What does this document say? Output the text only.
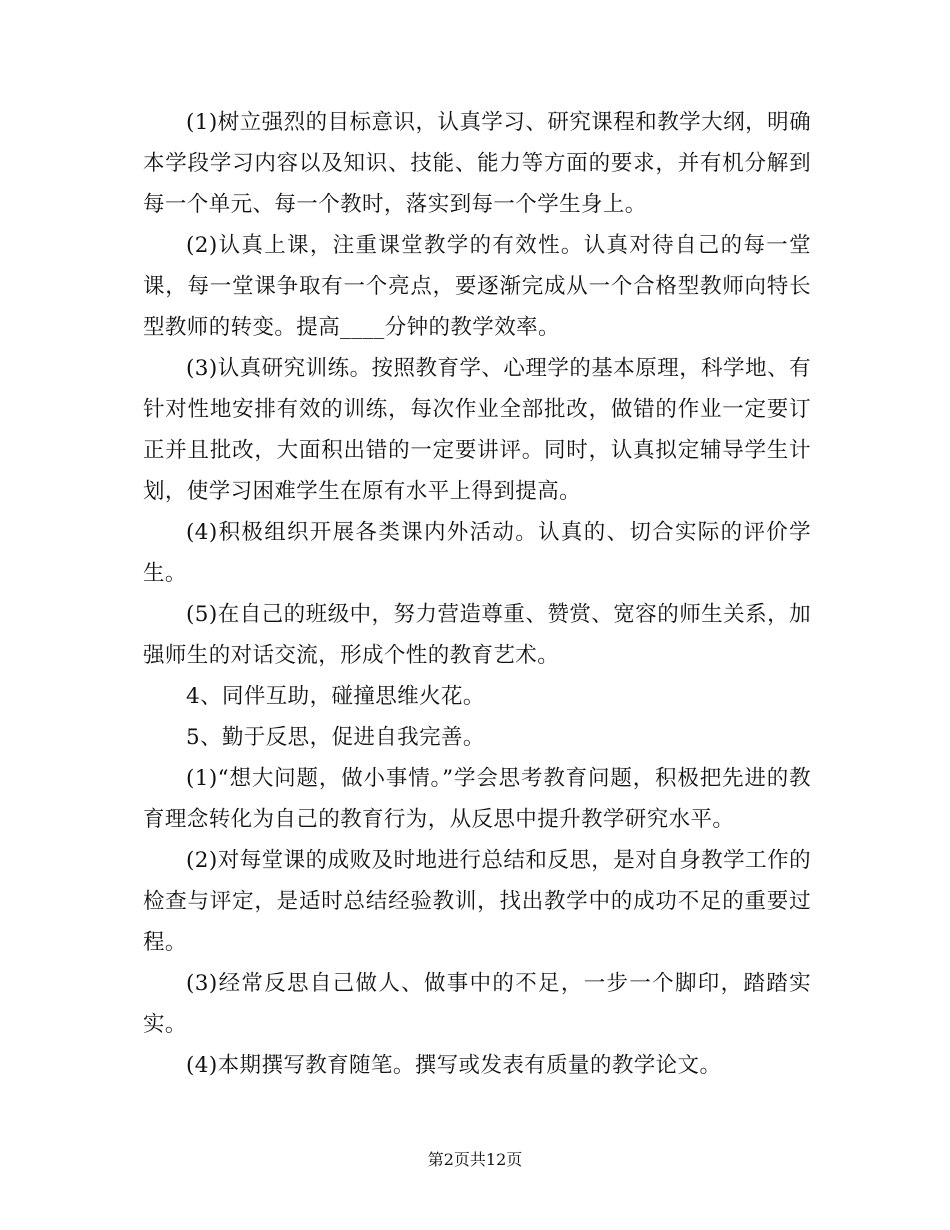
(1)树立强烈的目标意识，认真学习、研究课程和教学大纲，明确本学段学习内容以及知识、技能、能力等方面的要求，并有机分解到每一个单元、每一个教时，落实到每一个学生身上。

(2)认真上课，注重课堂教学的有效性。认真对待自己的每一堂课，每一堂课争取有一个亮点，要逐渐完成从一个合格型教师向特长型教师的转变。提高____分钟的教学效率。

(3)认真研究训练。按照教育学、心理学的基本原理，科学地、有针对性地安排有效的训练，每次作业全部批改，做错的作业一定要订正并且批改，大面积出错的一定要讲评。同时，认真拟定辅导学生计划，使学习困难学生在原有水平上得到提高。

(4)积极组织开展各类课内外活动。认真的、切合实际的评价学生。

(5)在自己的班级中，努力营造尊重、赞赏、宽容的师生关系，加强师生的对话交流，形成个性的教育艺术。

4、同伴互助，碰撞思维火花。

5、勤于反思，促进自我完善。

(1)“想大问题，做小事情。”学会思考教育问题，积极把先进的教育理念转化为自己的教育行为，从反思中提升教学研究水平。

(2)对每堂课的成败及时地进行总结和反思，是对自身教学工作的检查与评定，是适时总结经验教训，找出教学中的成功不足的重要过程。

(3)经常反思自己做人、做事中的不足，一步一个脚印，踏踏实实。

(4)本期撰写教育随笔。撰写或发表有质量的教学论文。

第2页共12页
